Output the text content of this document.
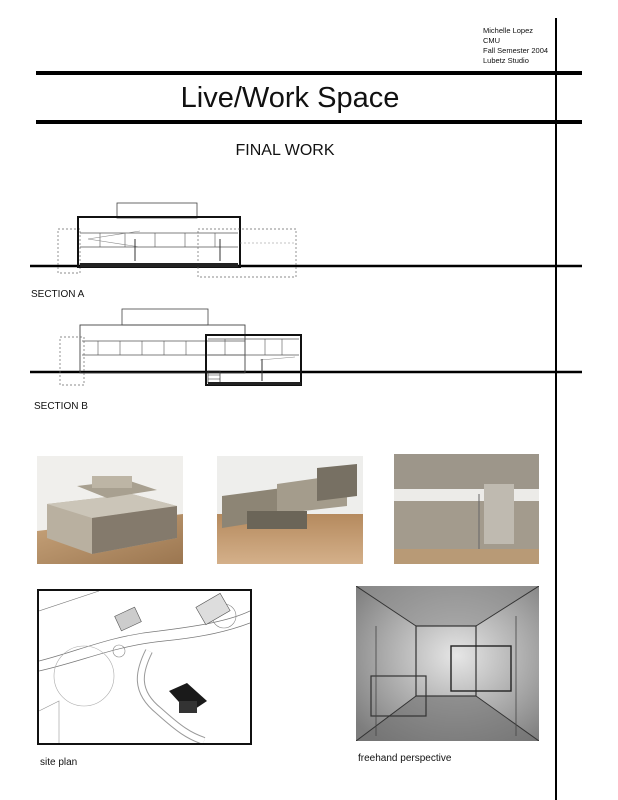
Michelle Lopez
CMU
Fall Semester 2004
Lubetz Studio
Live/Work Space
FINAL WORK
SECTION A
SECTION B
site plan	freehand perspective
